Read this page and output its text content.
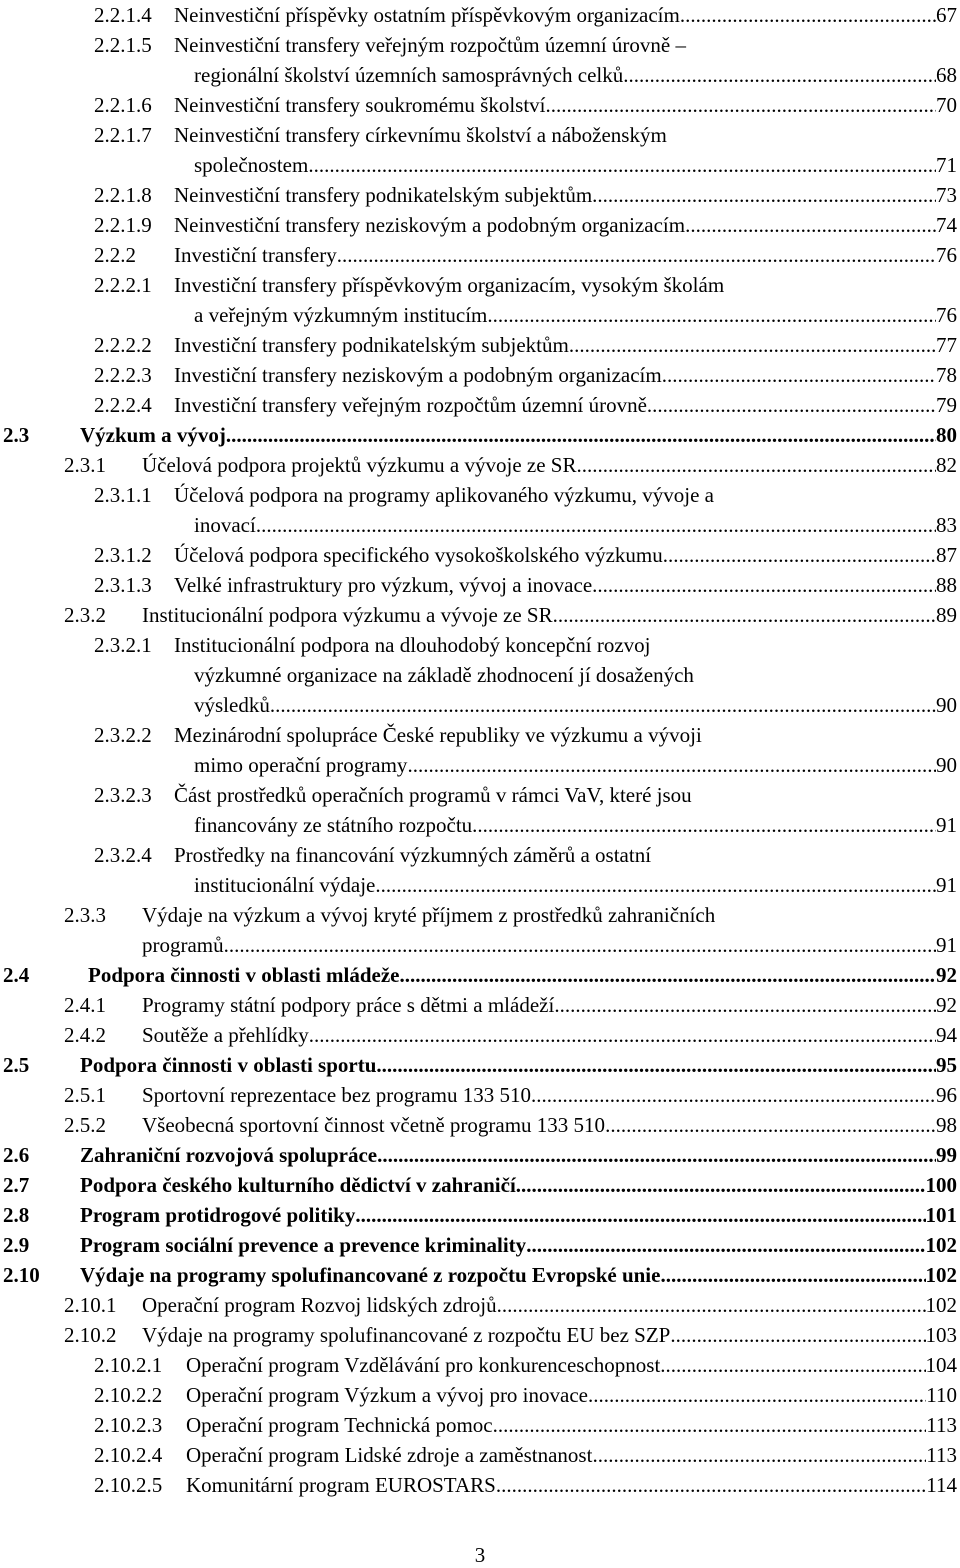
2.2.1.4 Neinvestiční příspěvky ostatním příspěvkovým organizacím .....	67
2.2.1.5 Neinvestiční transfery veřejným rozpočtům územní úrovně –
regionální školství územních samosprávných celků .....	68
2.2.1.6 Neinvestiční transfery soukromému školství .....	70
2.2.1.7 Neinvestiční transfery církevnímu školství a náboženským
společnostem .....	71
2.2.1.8 Neinvestiční transfery podnikatelským subjektům .....	73
2.2.1.9 Neinvestiční transfery neziskovým a podobným organizacím .....	74
2.2.2 Investiční transfery .....	76
2.2.2.1 Investiční transfery příspěvkovým organizacím, vysokým školám
a veřejným výzkumným institucím .....	76
2.2.2.2 Investiční transfery podnikatelským subjektům .....	77
2.2.2.3 Investiční transfery neziskovým a podobným organizacím .....	78
2.2.2.4 Investiční transfery veřejným rozpočtům územní úrovně .....	79
2.3 Výzkum a vývoj .....	80
2.3.1 Účelová podpora projektů výzkumu a vývoje ze SR .....	82
2.3.1.1 Účelová podpora na programy aplikovaného výzkumu, vývoje a
inovací .....	83
2.3.1.2 Účelová podpora specifického vysokoškolského výzkumu .....	87
2.3.1.3 Velké infrastruktury pro výzkum, vývoj a inovace .....	88
2.3.2 Institucionální podpora výzkumu a vývoje ze SR .....	89
2.3.2.1 Institucionální podpora na dlouhodobý koncepční rozvoj
výzkumné organizace na základě zhodnocení jí dosažených
výsledků .....	90
2.3.2.2 Mezinárodní spolupráce České republiky ve výzkumu a vývoji
mimo operační programy .....	90
2.3.2.3 Část prostředků operačních programů v rámci VaV, které jsou
financovány ze státního rozpočtu .....	91
2.3.2.4 Prostředky na financování výzkumných záměrů a ostatní
institucionální výdaje .....	91
2.3.3 Výdaje na výzkum a vývoj kryté příjmem z prostředků zahraničních
programů .....	91
2.4	Podpora činnosti v oblasti mládeže .....	92
2.4.1 Programy státní podpory práce s dětmi a mládeží .....	92
2.4.2 Soutěže a přehlídky .....	94
2.5 Podpora činnosti v oblasti sportu .....	95
2.5.1 Sportovní reprezentace bez programu 133 510 .....	96
2.5.2 Všeobecná sportovní činnost včetně programu 133 510 .....	98
2.6 Zahraniční rozvojová spolupráce .....	99
2.7 Podpora českého kulturního dědictví v zahraničí .....	100
2.8 Program protidrogové politiky .....	101
2.9 Program sociální prevence a prevence kriminality .....	102
2.10 Výdaje na programy spolufinancované z rozpočtu Evropské unie .....	102
2.10.1 Operační program Rozvoj lidských zdrojů .....	102
2.10.2 Výdaje na programy spolufinancované z rozpočtu EU bez SZP .....	103
2.10.2.1 Operační program Vzdělávání pro konkurenceschopnost .....	104
2.10.2.2 Operační program Výzkum a vývoj pro inovace .....	110
2.10.2.3 Operační program Technická pomoc .....	113
2.10.2.4 Operační program Lidské zdroje a zaměstnanost .....	113
2.10.2.5 Komunitární program EUROSTARS .....	114
3
